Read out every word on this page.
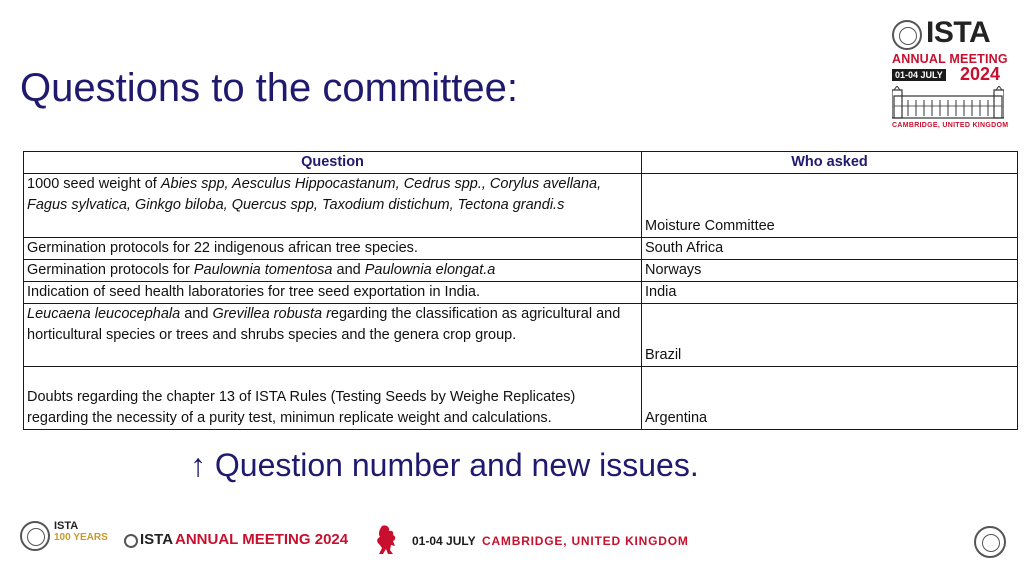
Questions to the committee:
ISTA
ANNUAL MEETING
01-04 JULY 2024
CAMBRIDGE, UNITED KINGDOM
Question	Who asked
1000 seed weight of Abies spp, Aesculus Hippocastanum, Cedrus spp., Corylus avellana, Fagus sylvatica, Ginkgo biloba, Quercus spp, Taxodium distichum, Tectona grandi.s	Moisture Committee
Germination protocols for 22 indigenous african tree species.	South Africa
Germination protocols for Paulownia tomentosa and Paulownia elongat.a	Norways
Indication of seed health laboratories for tree seed exportation in India.	India
Leucaena leucocephala and Grevillea robusta regarding the classification as agricultural and horticultural species or trees and shrubs species and the genera crop group.	Brazil
Doubts regarding the chapter 13 of ISTA Rules (Testing Seeds by Weighe Replicates) regarding the necessity of a purity test, minimun replicate weight and calculations.	Argentina
↑ Question number and new issues.
ISTA
100 YEARS ISTA ANNUAL MEETING 2024	01-04 JULY CAMBRIDGE, UNITED KINGDOM
